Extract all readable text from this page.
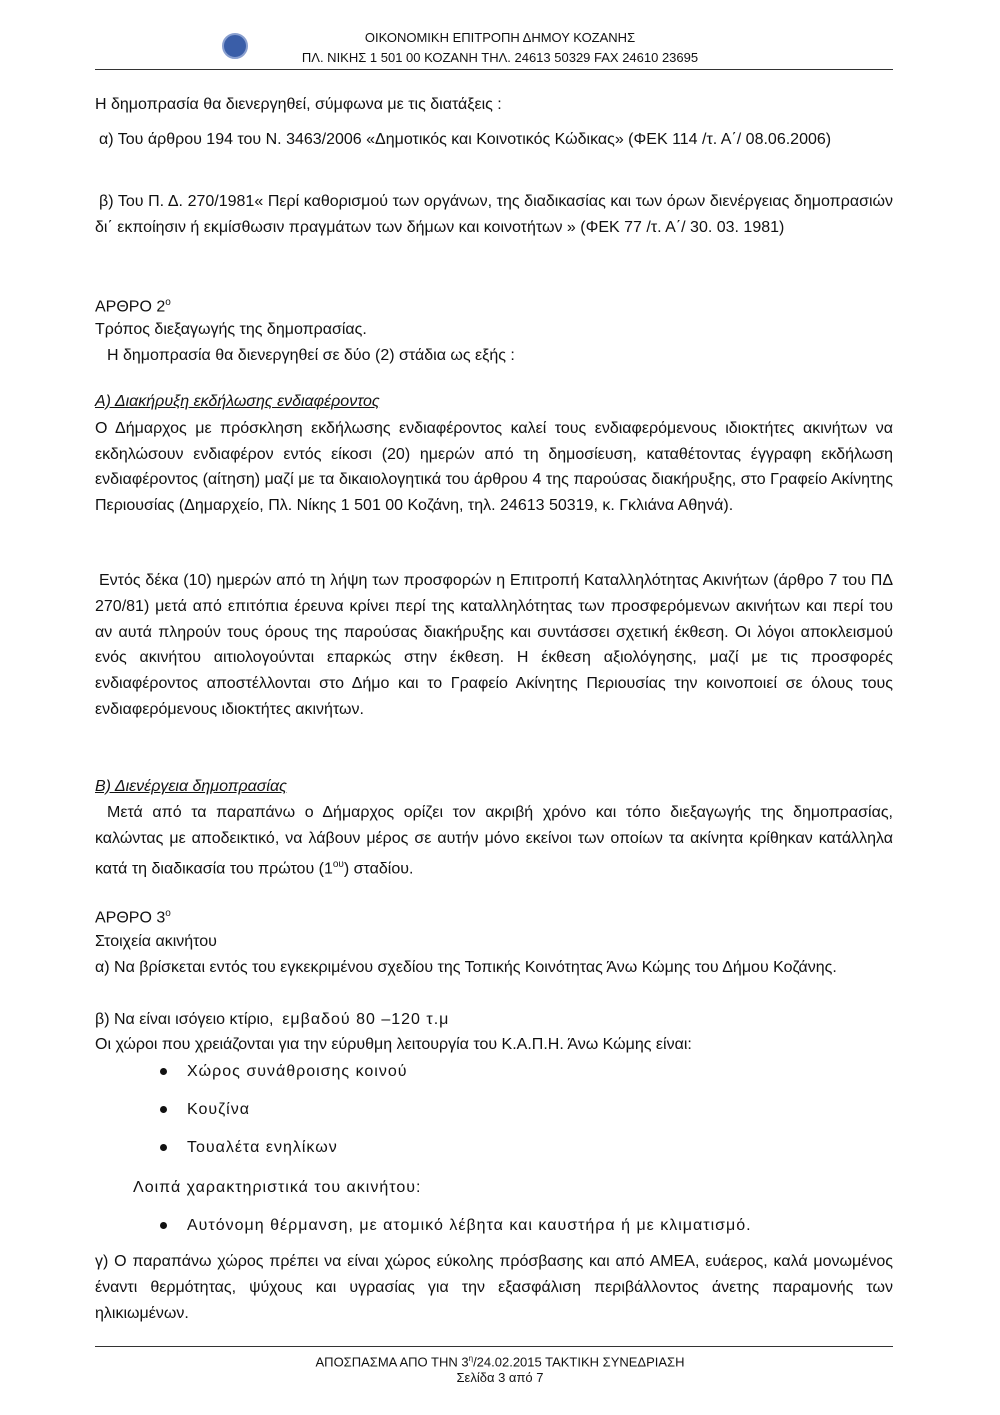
ΟΙΚΟΝΟΜΙΚΗ ΕΠΙΤΡΟΠΗ ΔΗΜΟΥ ΚΟΖΑΝΗΣ
ΠΛ. ΝΙΚΗΣ 1 501 00 ΚΟΖΑΝΗ ΤΗΛ. 24613 50329 FAX 24610 23695
Η δημοπρασία θα διενεργηθεί, σύμφωνα με τις διατάξεις :
α) Του άρθρου 194 του Ν. 3463/2006 «Δημοτικός και Κοινοτικός Κώδικας» (ΦΕΚ 114 /τ. Α΄/ 08.06.2006)
β) Του Π. Δ. 270/1981« Περί καθορισμού των οργάνων, της διαδικασίας και των όρων διενέργειας δημοπρασιών δι΄ εκποίησιν ή εκμίσθωσιν πραγμάτων των δήμων και κοινοτήτων » (ΦΕΚ 77 /τ. Α΄/ 30. 03. 1981)
ΑΡΘΡΟ $2^o$
Τρόπος διεξαγωγής της δημοπρασίας.
Η δημοπρασία θα διενεργηθεί σε δύο (2) στάδια ως εξής :
Α) Διακήρυξη εκδήλωσης ενδιαφέροντος
Ο Δήμαρχος με πρόσκληση εκδήλωσης ενδιαφέροντος καλεί τους ενδιαφερόμενους ιδιοκτήτες ακινήτων να εκδηλώσουν ενδιαφέρον εντός είκοσι (20) ημερών από τη δημοσίευση, καταθέτοντας έγγραφη εκδήλωση ενδιαφέροντος (αίτηση) μαζί με τα δικαιολογητικά του άρθρου 4 της παρούσας διακήρυξης, στο Γραφείο Ακίνητης Περιουσίας (Δημαρχείο, Πλ. Νίκης 1 501 00 Κοζάνη, τηλ. 24613 50319, κ. Γκλιάνα Αθηνά).
Εντός δέκα (10) ημερών από τη λήψη των προσφορών η Επιτροπή Καταλληλότητας Ακινήτων (άρθρο 7 του ΠΔ 270/81) μετά από επιτόπια έρευνα κρίνει περί της καταλληλότητας των προσφερόμενων ακινήτων και περί του αν αυτά πληρούν τους όρους της παρούσας διακήρυξης και συντάσσει σχετική έκθεση. Οι λόγοι αποκλεισμού ενός ακινήτου αιτιολογούνται επαρκώς στην έκθεση. Η έκθεση αξιολόγησης, μαζί με τις προσφορές ενδιαφέροντος αποστέλλονται στο Δήμο και το Γραφείο Ακίνητης Περιουσίας την κοινοποιεί σε όλους τους ενδιαφερόμενους ιδιοκτήτες ακινήτων.
Β) Διενέργεια δημοπρασίας
Μετά από τα παραπάνω ο Δήμαρχος ορίζει τον ακριβή χρόνο και τόπο διεξαγωγής της δημοπρασίας, καλώντας με αποδεικτικό, να λάβουν μέρος σε αυτήν μόνο εκείνοι των οποίων τα ακίνητα κρίθηκαν κατάλληλα κατά τη διαδικασία του πρώτου $(1^{o\upsilon})$ σταδίου.
ΑΡΘΡΟ $3^o$
Στοιχεία ακινήτου
α) Να βρίσκεται εντός του εγκεκριμένου σχεδίου της Τοπικής Κοινότητας Άνω Κώμης του Δήμου Κοζάνης.
β) Να είναι ισόγειο κτίριο, εμβαδού 80 –120 τ.μ
Οι χώροι που χρειάζονται για την εύρυθμη λειτουργία του Κ.Α.Π.Η. Άνω Κώμης είναι:
Χώρος συνάθροισης κοινού
Κουζίνα
Τουαλέτα ενηλίκων
Λοιπά χαρακτηριστικά του ακινήτου:
Αυτόνομη θέρμανση, με ατομικό λέβητα και καυστήρα ή με κλιματισμό.
γ) Ο παραπάνω χώρος πρέπει να είναι χώρος εύκολης πρόσβασης και από ΑΜΕΑ, ευάερος, καλά μονωμένος έναντι θερμότητας, ψύχους και υγρασίας για την εξασφάλιση περιβάλλοντος άνετης παραμονής των ηλικιωμένων.
ΑΠΟΣΠΑΣΜΑ ΑΠΟ ΤΗΝ $3^\eta/24.02.2015$ ΤΑΚΤΙΚΗ ΣΥΝΕΔΡΙΑΣΗ
Σελίδα 3 από 7
